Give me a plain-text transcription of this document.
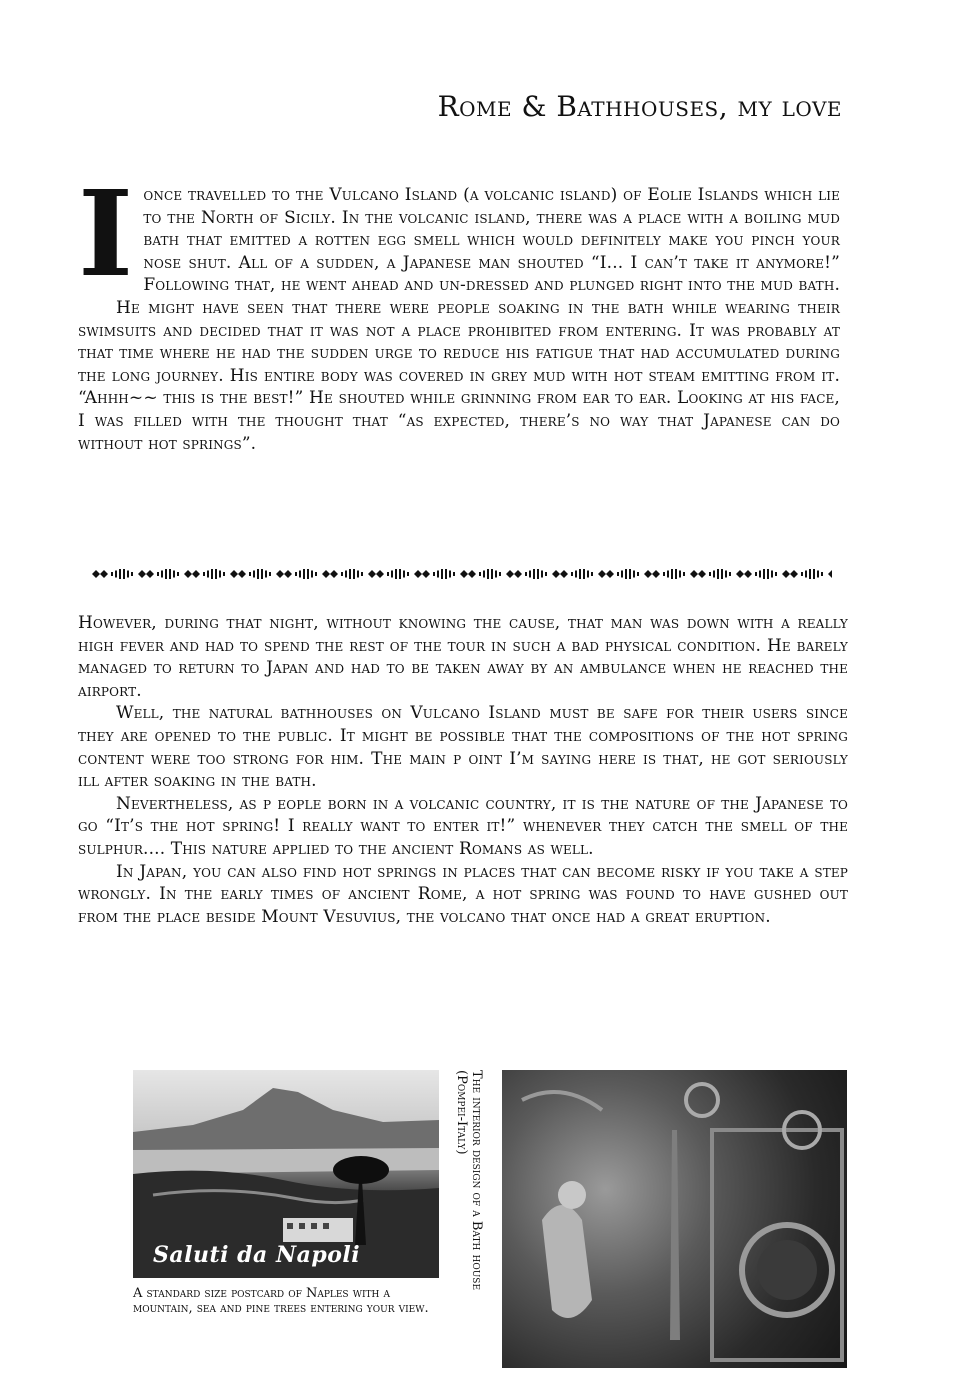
Rome & Bathhouses, my love

Ionce travelled to the Vulcano Island (a volcanic island) of Eolie Islands which lie to the North of Sicily. In the volcanic island, there was a place with a boiling mud bath that emitted a rotten egg smell which would definitely make you pinch your nose shut. All of a sudden, a Japanese man shouted “I... I can’t take it anymore!” Following that, he went ahead and un-dressed and plunged right into the mud bath.

He might have seen that there were people soaking in the bath while wearing their swimsuits and decided that it was not a place prohibited from entering. It was probably at that time where he had the sudden urge to reduce his fatigue that had accumulated during the long journey. His entire body was covered in grey mud with hot steam emitting from it. “Ahhh~~ this is the best!” He shouted while grinning from ear to ear. Looking at his face, I was filled with the thought that “as expected, there’s no way that Japanese can do without hot springs”.

However, during that night, without knowing the cause, that man was down with a really high fever and had to spend the rest of the tour in such a bad physical condition. He barely managed to return to Japan and had to be taken away by an ambulance when he reached the airport.

Well, the natural bathhouses on Vulcano Island must be safe for their users since they are opened to the public. It might be possible that the compositions of the hot spring content were too strong for him. The main p oint I’m saying here is that, he got seriously ill after soaking in the bath.

Nevertheless, as p eople born in a volcanic country, it is the nature of the Japanese to go “It’s the hot spring! I really want to enter it!” whenever they catch the smell of the sulphur.... This nature applied to the ancient Romans as well.

In Japan, you can also find hot springs in places that can become risky if you take a step wrongly. In the early times of ancient Rome, a hot spring was found to have gushed out from the place beside Mount Vesuvius, the volcano that once had a great eruption.

Saluti da Napoli

A standard size postcard of Naples with a mountain, sea and pine trees entering your view.

The interior design of a Bath house
(Pompei-Italy)
